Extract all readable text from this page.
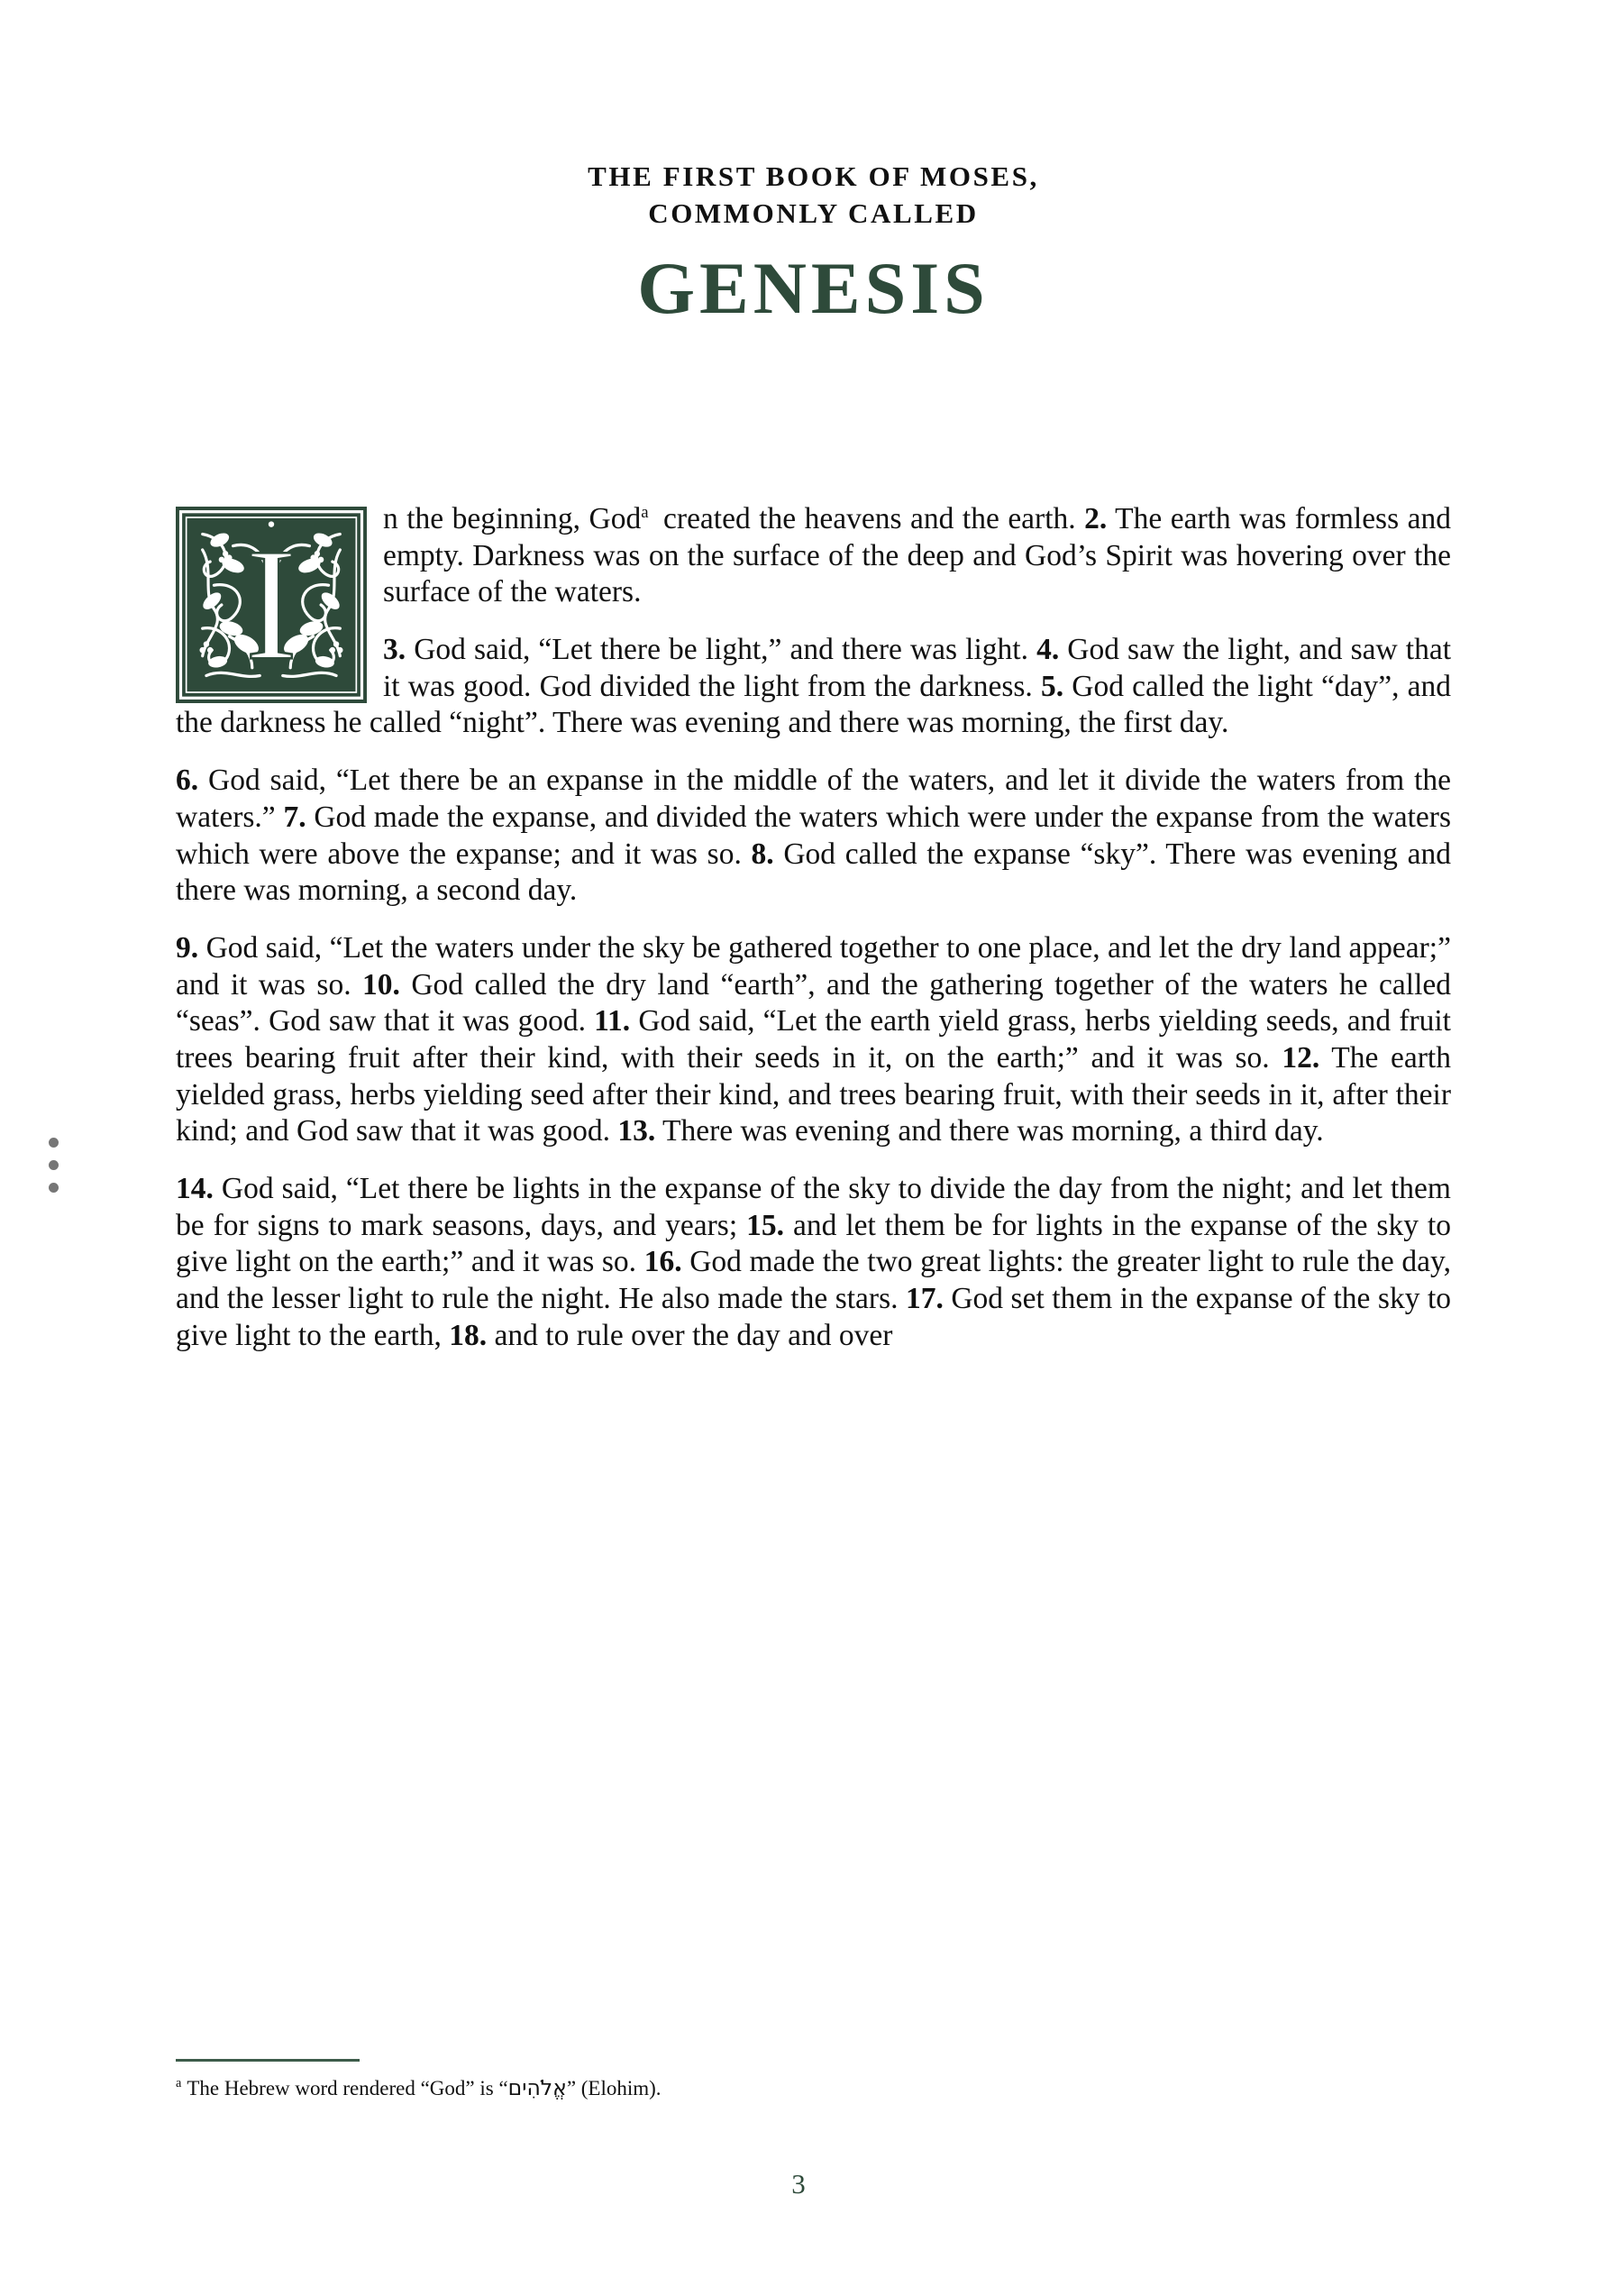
THE FIRST BOOK OF MOSES,
COMMONLY CALLED
GENESIS

I	n the beginning, God$^a$ created the heavens and the earth. 2. The earth was formless and empty. Darkness was on the surface of the deep and God’s Spirit was hovering over the surface of the waters.

3. God said, “Let there be light,” and there was light. 4. God saw the light, and saw that it was good. God divided the light from the darkness. 5. God called the light “day”, and the darkness he called “night”. There was evening and there was morning, the first day.

6. God said, “Let there be an expanse in the middle of the waters, and let it divide the waters from the waters.” 7. God made the expanse, and divided the waters which were under the expanse from the waters which were above the expanse; and it was so. 8. God called the expanse “sky”. There was evening and there was morning, a second day.

9. God said, “Let the waters under the sky be gathered together to one place, and let the dry land appear;” and it was so. 10. God called the dry land “earth”, and the gathering together of the waters he called “seas”. God saw that it was good. 11. God said, “Let the earth yield grass, herbs yielding seeds, and fruit trees bearing fruit after their kind, with their seeds in it, on the earth;” and it was so. 12. The earth yielded grass, herbs yielding seed after their kind, and trees bearing fruit, with their seeds in it, after their kind; and God saw that it was good. 13. There was evening and there was morning, a third day.

14. God said, “Let there be lights in the expanse of the sky to divide the day from the night; and let them be for signs to mark seasons, days, and years; 15. and let them be for lights in the expanse of the sky to give light on the earth;” and it was so. 16. God made the two great lights: the greater light to rule the day, and the lesser light to rule the night. He also made the stars. 17. God set them in the expanse of the sky to give light to the earth, 18. and to rule over the day and over

$^a$ The Hebrew word rendered “God” is “אֱלֹהִים” (Elohim).
3
